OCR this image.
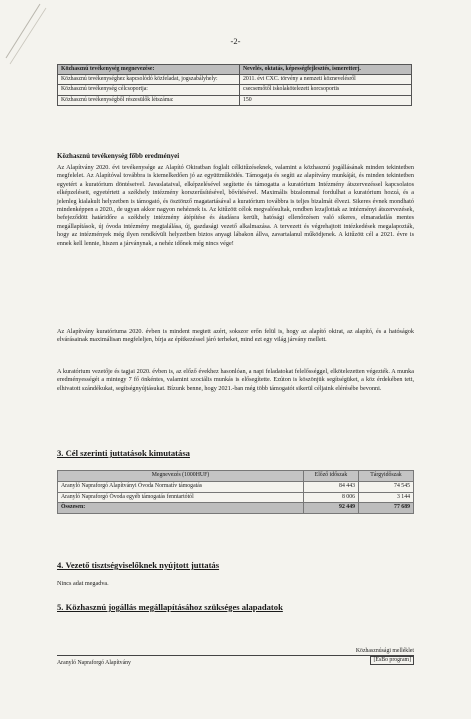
-2-
Közhasznú tevékenység megnevezése:	Nevelés, oktatás, képességfejlesztés, ismeretterj.
Közhasznú tevékenységhez kapcsolódó közfeladat, jogszabályhely:	2011. évi CXC. törvény a nemzeti köznevelésről
Közhasznú tevékenység célcsoportja:	csecsemőtől iskolakötelezett korcsoportis
Közhasznú tevékenységből részesülők létszáma:	150
Közhasznú tevékenység főbb eredményei

Az Alapítvány 2020. évi tevékenysége az Alapító Okiratban foglalt célkitűzéseknek, valamint a közhasznú jogállásának minden tekintetben megfelelet. Az Alapítóval továbbra is kiemelkedően jó az együttműködés. Támogatja és segíti az alapítvány munkáját, és minden tekintetben egyetért a kuratórium döntéseivel. Javaslataival, elképzelésével segítette és támogatta a kuratórium Intézmény átszervezéssel kapcsolatos elképzeléseit, egyetértett a székhely intézmény korszerűsítésével, bővítésével. Maximális bizalommal fordulhat a kuratórium hozzá, és a jelenleg kialakult helyzetben is támogató, és ösztönző magatartásával a kuratórium továbbra is teljes bizalmát élvezi. Sikeres évnek mondható mindenképpen a 2020., de ugyan akkor nagyon nehéznek is. Az kitűzött célok megvalósultak, rendben lezajlottak az intézményi átszervezések, befejeződött határidőre a székhely intézmény átépítése és átadásra került, hatósági ellenőrzésen való sikeres, elmaradatlás mentes megállapítások, új óvoda intézmény megtalálása, új, gazdasági vezető alkalmazása. A tervezett és végrehajtott intézkedések megalapozták, hogy az intézmények még ilyen rendkívüli helyzetben biztos anyagi lábakon állva, zavartalanul működjenek. A kitűzött cél a 2021. évre is ennek kell lennie, hiszen a járványnak, a nehéz időnek még nincs vége!

Az Alapítvány kuratóriuma 2020. évben is mindent megtett azért, sokszor erőn felül is, hogy az alapító okirat, az alapító, és a hatóságok elvárásainak maximálisan megfeleljen, bírja az építkezéssel járó terheket, mind ezt egy világ járvány mellett.

A kuratórium vezetője és tagjai 2020. évben is, az előző évekhez hasonlóan, a napi feladatokat felelősséggel, elkötelezetten végezték. A munka eredményességét a mintegy 7 fő önkéntes, valamint szociális munkás is elősegítette. Ezúton is köszönjük segítségüket, a köz érdekében tett, elhivatott szándékukat, segítségnyújtásukat. Bízunk benne, hogy 2021.-ban még több támogatót sikerül céljaink elérésébe bevonni.

3. Cél szerinti juttatások kimutatása
Megnevezés (1000HUF)	Előző időszak	Tárgyidőszak
Aranyló Napraforgó Alapítványi Óvoda Normatív támogatás	84 443	74 545
Aranyló Napraforgó Óvoda egyéb támogatás fenntartótól	8 006	3 144
Összesen:	92 449	77 689
4. Vezető tisztségviselőknek nyújtott juttatás
Nincs adat megadva.
5. Közhasznú jogállás megállapításához szükséges alapadatok
Aranyló Napraforgó Alapítvány
Közhasznúsági melléklet
[EsBo program]
